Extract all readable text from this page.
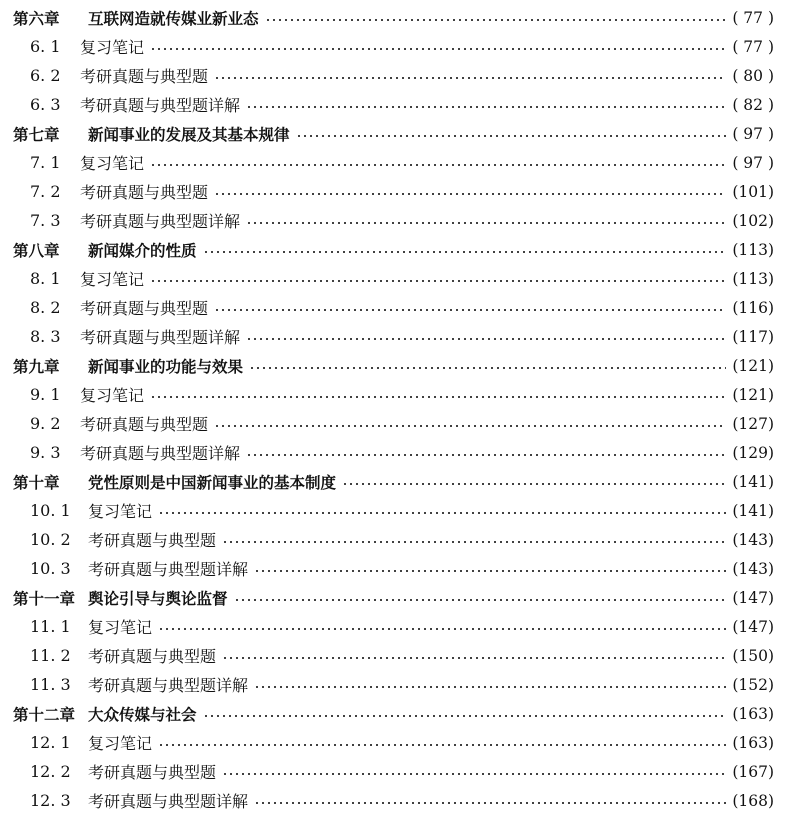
第六章 互联网造就传媒业新业态	( 77 )
6. 1 复习笔记	( 77 )
6. 2 考研真题与典型题	( 80 )
6. 3 考研真题与典型题详解	( 82 )
第七章 新闻事业的发展及其基本规律	( 97 )
7. 1 复习笔记	( 97 )
7. 2 考研真题与典型题	(101)
7. 3 考研真题与典型题详解	(102)
第八章 新闻媒介的性质	(113)
8. 1 复习笔记	(113)
8. 2 考研真题与典型题	(116)
8. 3 考研真题与典型题详解	(117)
第九章 新闻事业的功能与效果	(121)
9. 1 复习笔记	(121)
9. 2 考研真题与典型题	(127)
9. 3 考研真题与典型题详解	(129)
第十章 党性原则是中国新闻事业的基本制度	(141)
10. 1 复习笔记	(141)
10. 2 考研真题与典型题	(143)
10. 3 考研真题与典型题详解	(143)
第十一章 舆论引导与舆论监督	(147)
11. 1 复习笔记	(147)
11. 2 考研真题与典型题	(150)
11. 3 考研真题与典型题详解	(152)
第十二章 大众传媒与社会	(163)
12. 1 复习笔记	(163)
12. 2 考研真题与典型题	(167)
12. 3 考研真题与典型题详解	(168)
